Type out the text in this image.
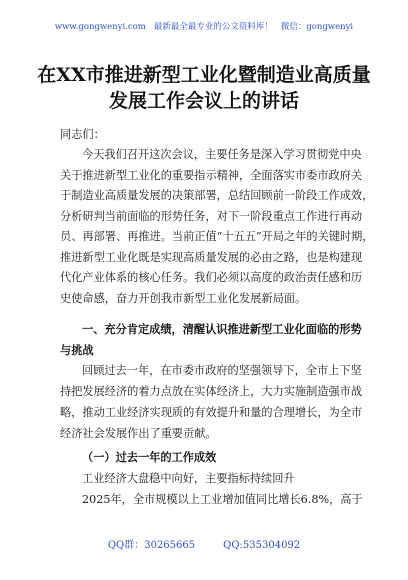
www.gongwenyi.com 最新最全最专业的公文资料库！ 微信：gongwenyi
在XX市推进新型工业化暨制造业高质量
发展工作会议上的讲话
同志们：
今天我们召开这次会议，主要任务是深入学习贯彻党中央
关于推进新型工业化的重要指示精神，全面落实市委市政府关
于制造业高质量发展的决策部署，总结回顾前一阶段工作成效，
分析研判当前面临的形势任务，对下一阶段重点工作进行再动
员、再部署、再推进。当前正值“十五五”开局之年的关键时期，
推进新型工业化既是实现高质量发展的必由之路，也是构建现
代化产业体系的核心任务。我们必须以高度的政治责任感和历
史使命感，奋力开创我市新型工业化发展新局面。
一、充分肯定成绩，清醒认识推进新型工业化面临的形势
与挑战
回顾过去一年，在市委市政府的坚强领导下，全市上下坚
持把发展经济的着力点放在实体经济上，大力实施制造强市战
略，推动工业经济实现质的有效提升和量的合理增长，为全市
经济社会发展作出了重要贡献。
（一）过去一年的工作成效
工业经济大盘稳中向好，主要指标持续回升
2025年，全市规模以上工业增加值同比增长6.8%，高于
QQ群：30265665	QQ:535304092
